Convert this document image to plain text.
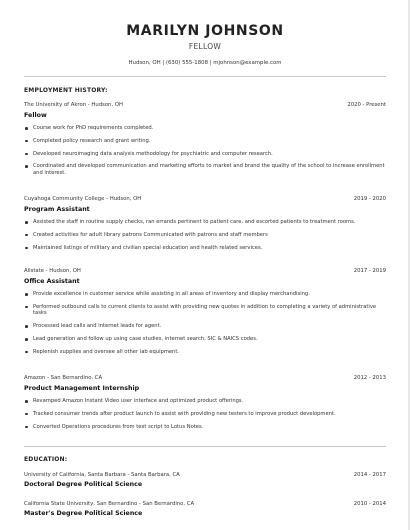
MARILYN JOHNSON
FELLOW
Hudson, OH | (630) 555-1808 | mjohnson@example.com
EMPLOYMENT HISTORY:
The University of Akron - Hudson, OH	2020 - Present
Fellow
Course work for PhD requirements completed.
Completed policy research and grant writing.
Developed neuroimaging data analysis methodology for psychiatric and computer research.
Coordinated and developed communication and marketing efforts to market and brand the quality of the school to increase enrollment and interest.
Cuyahoga Community College - Hudson, OH	2019 - 2020
Program Assistant
Assisted the staff in routine supply checks, ran errands pertinent to patient care, and escorted patients to treatment rooms.
Created activities for adult library patrons Communicated with patrons and staff members
Maintained listings of military and civilian special education and health related services.
Allstate - Hudson, OH	2017 - 2019
Office Assistant
Provide excellence in customer service while assisting in all areas of inventory and display merchandising.
Performed outbound calls to current clients to assist with providing new quotes in addition to completing a variety of administrative tasks
Processed lead calls and internet leads for agent.
Lead generation and follow up using case studies, internet search, SIC & NAICS codes.
Replenish supplies and oversee all other lab equipment.
Amazon - San Bernardino, CA	2012 - 2013
Product Management Internship
Revamped Amazon Instant Video user interface and optimized product offerings.
Tracked consumer trends after product launch to assist with providing new testers to improve product development.
Converted Operations procedures from text script to Lotus Notes.
EDUCATION:
University of California, Santa Barbara - Santa Barbara, CA	2014 - 2017
Doctoral Degree Political Science
California State University, San Bernardino - San Bernardino, CA	2010 - 2014
Master's Degree Political Science
